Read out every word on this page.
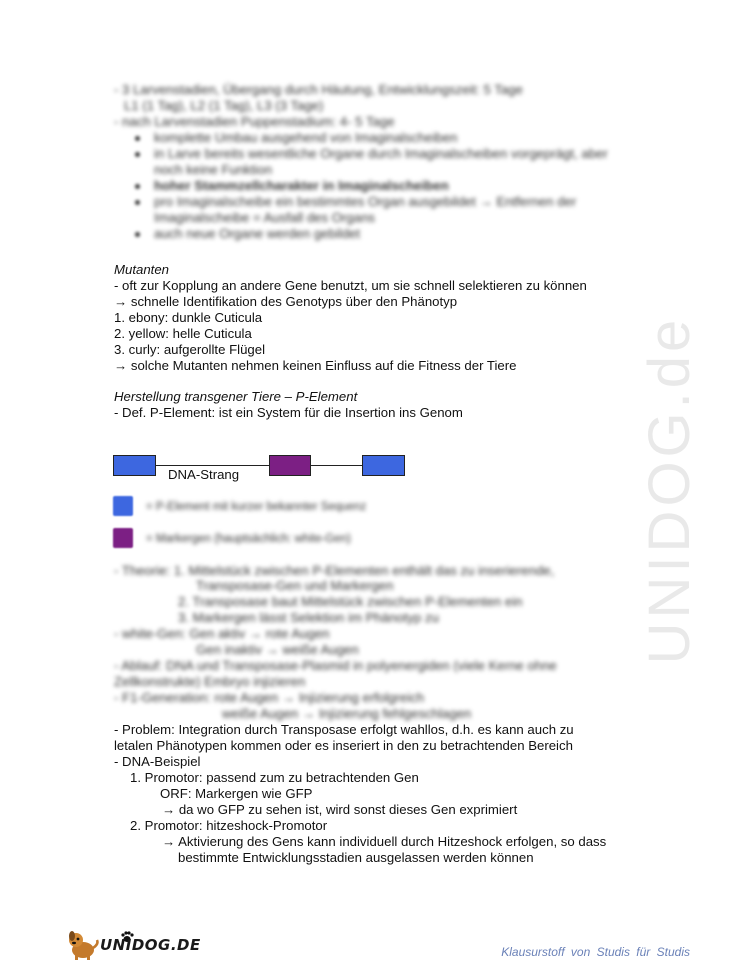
UNIDOG.de
- 3 Larvenstadien, Übergang durch Häutung, Entwicklungszeit: 5 Tage
L1 (1 Tag), L2 (1 Tag), L3 (3 Tage)
- nach Larvenstadien Puppenstadium: 4- 5 Tage
komplette Umbau ausgehend von Imaginalscheiben
in Larve bereits wesentliche Organe durch Imaginalscheiben vorgeprägt, aber
noch keine Funktion
hoher Stammzellcharakter in Imaginalscheiben
pro Imaginalscheibe ein bestimmtes Organ ausgebildet → Entfernen der
Imaginalscheibe = Ausfall des Organs
auch neue Organe werden gebildet
Mutanten
- oft zur Kopplung an andere Gene benutzt, um sie schnell selektieren zu können
→ schnelle Identifikation des Genotyps über den Phänotyp
1. ebony: dunkle Cuticula
2. yellow: helle Cuticula
3. curly: aufgerollte Flügel
→ solche Mutanten nehmen keinen Einfluss auf die Fitness der Tiere
Herstellung transgener Tiere – P-Element
- Def. P-Element: ist ein System für die Insertion ins Genom
DNA-Strang
= P-Element mit kurzer bekannter Sequenz
= Markergen (hauptsächlich: white-Gen)
- Theorie: 1. Mittelstück zwischen P-Elementen enthält das zu inserierende,
Transposase-Gen und Markergen
2. Transposase baut Mittelstück zwischen P-Elementen ein
3. Markergen lässt Selektion im Phänotyp zu
- white-Gen: Gen aktiv → rote Augen
Gen inaktiv → weiße Augen
- Ablauf: DNA und Transposase-Plasmid in polyenergiden (viele Kerne ohne
Zellkonstrukte) Embryo injizieren
- F1-Generation: rote Augen → Injizierung erfolgreich
weiße Augen → Injizierung fehlgeschlagen
- Problem: Integration durch Transposase erfolgt wahllos, d.h. es kann auch zu
letalen Phänotypen kommen oder es inseriert in den zu betrachtenden Bereich
- DNA-Beispiel
1. Promotor: passend zum zu betrachtenden Gen
ORF: Markergen wie GFP
→ da wo GFP zu sehen ist, wird sonst dieses Gen exprimiert
2. Promotor: hitzeshock-Promotor
→ Aktivierung des Gens kann individuell durch Hitzeshock erfolgen, so dass
bestimmte Entwicklungsstadien ausgelassen werden können
UNIDOG.DE	Klausurstoff von Studis für Studis
